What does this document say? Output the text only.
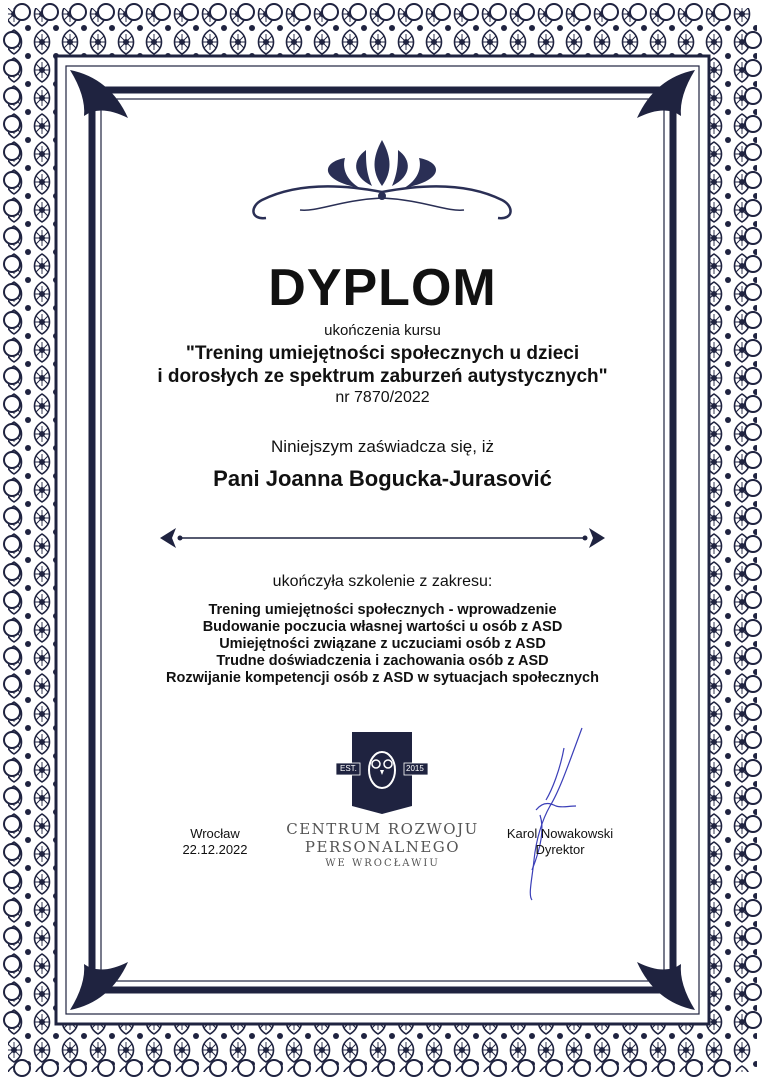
DYPLOM
ukończenia kursu
"Trening umiejętności społecznych u dzieci
i dorosłych ze spektrum zaburzeń autystycznych"
nr 7870/2022
Niniejszym zaświadcza się, iż
Pani Joanna Bogucka-Jurasović
ukończyła szkolenie z zakresu:
Trening umiejętności społecznych - wprowadzenie
Budowanie poczucia własnej wartości u osób z ASD
Umiejętności związane z uczuciami osób z ASD
Trudne doświadczenia i zachowania osób z ASD
Rozwijanie kompetencji osób z ASD w sytuacjach społecznych
EST.	2015
Wrocław
22.12.2022
CENTRUM ROZWOJU
PERSONALNEGO
WE WROCŁAWIU
Karol Nowakowski
Dyrektor
